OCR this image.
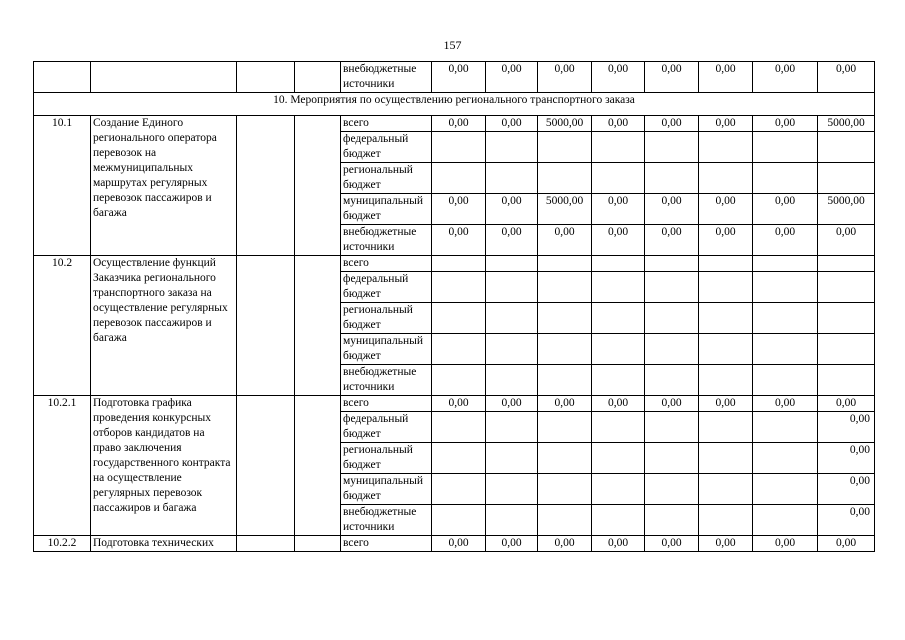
157
				внебюджетные источники	0,00	0,00	0,00	0,00	0,00	0,00	0,00	0,00
10. Мероприятия по осуществлению регионального транспортного заказа												
10.1	Создание Единого регионального оператора перевозок на межмуниципальных маршрутах регулярных перевозок пассажиров и багажа			всего	0,00	0,00	5000,00	0,00	0,00	0,00	0,00	5000,00
				федеральный бюджет								
				региональный бюджет								
				муниципальный бюджет	0,00	0,00	5000,00	0,00	0,00	0,00	0,00	5000,00
				внебюджетные источники	0,00	0,00	0,00	0,00	0,00	0,00	0,00	0,00
10.2	Осуществление функций Заказчика регионального транспортного заказа на осуществление регулярных перевозок пассажиров и багажа			всего								
				федеральный бюджет								
				региональный бюджет								
				муниципальный бюджет								
				внебюджетные источники								
10.2.1	Подготовка графика проведения конкурсных отборов кандидатов на право заключения государственного контракта на осуществление регулярных перевозок пассажиров и багажа			всего	0,00	0,00	0,00	0,00	0,00	0,00	0,00	0,00
				федеральный бюджет								0,00
				региональный бюджет								0,00
				муниципальный бюджет								0,00
				внебюджетные источники								0,00
10.2.2	Подготовка технических			всего	0,00	0,00	0,00	0,00	0,00	0,00	0,00	0,00
